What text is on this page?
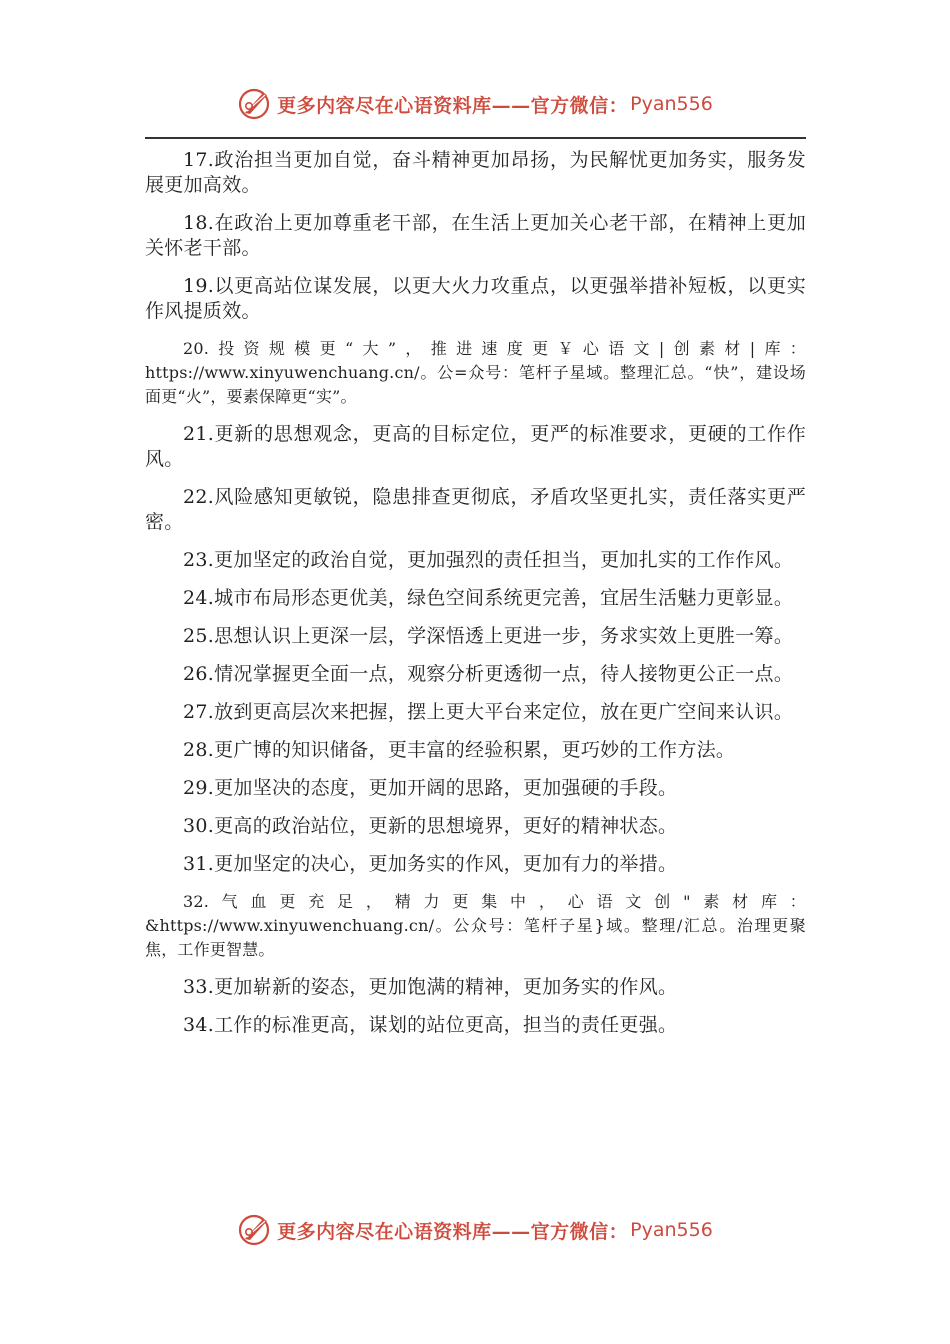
更多内容尽在心语资料库——官方微信： Pyan556

17.政治担当更加自觉，奋斗精神更加昂扬，为民解忧更加务实，服务发展更加高效。

18.在政治上更加尊重老干部，在生活上更加关心老干部，在精神上更加关怀老干部。

19.以更高站位谋发展，以更大火力攻重点，以更强举措补短板，以更实作风提质效。

20.投资规模更“大”，推进速度更￥心语文|创素材|库：https://www.xinyuwenchuang.cn/。公=众号：笔杆子星域。整理汇总。“快”，建设场面更“火”，要素保障更“实”。

21.更新的思想观念，更高的目标定位，更严的标准要求，更硬的工作作风。

22.风险感知更敏锐，隐患排查更彻底，矛盾攻坚更扎实，责任落实更严密。

23.更加坚定的政治自觉，更加强烈的责任担当，更加扎实的工作作风。

24.城市布局形态更优美，绿色空间系统更完善，宜居生活魅力更彰显。

25.思想认识上更深一层，学深悟透上更进一步，务求实效上更胜一筹。

26.情况掌握更全面一点，观察分析更透彻一点，待人接物更公正一点。

27.放到更高层次来把握，摆上更大平台来定位，放在更广空间来认识。

28.更广博的知识储备，更丰富的经验积累，更巧妙的工作方法。

29.更加坚决的态度，更加开阔的思路，更加强硬的手段。

30.更高的政治站位，更新的思想境界，更好的精神状态。

31.更加坚定的决心，更加务实的作风，更加有力的举措。

32.气血更充足，精力更集中，心语文创"素材库：&https://www.xinyuwenchuang.cn/。公众号：笔杆子星}域。整理/汇总。治理更聚焦，工作更智慧。

33.更加崭新的姿态，更加饱满的精神，更加务实的作风。

34.工作的标准更高，谋划的站位更高，担当的责任更强。

更多内容尽在心语资料库——官方微信： Pyan556
